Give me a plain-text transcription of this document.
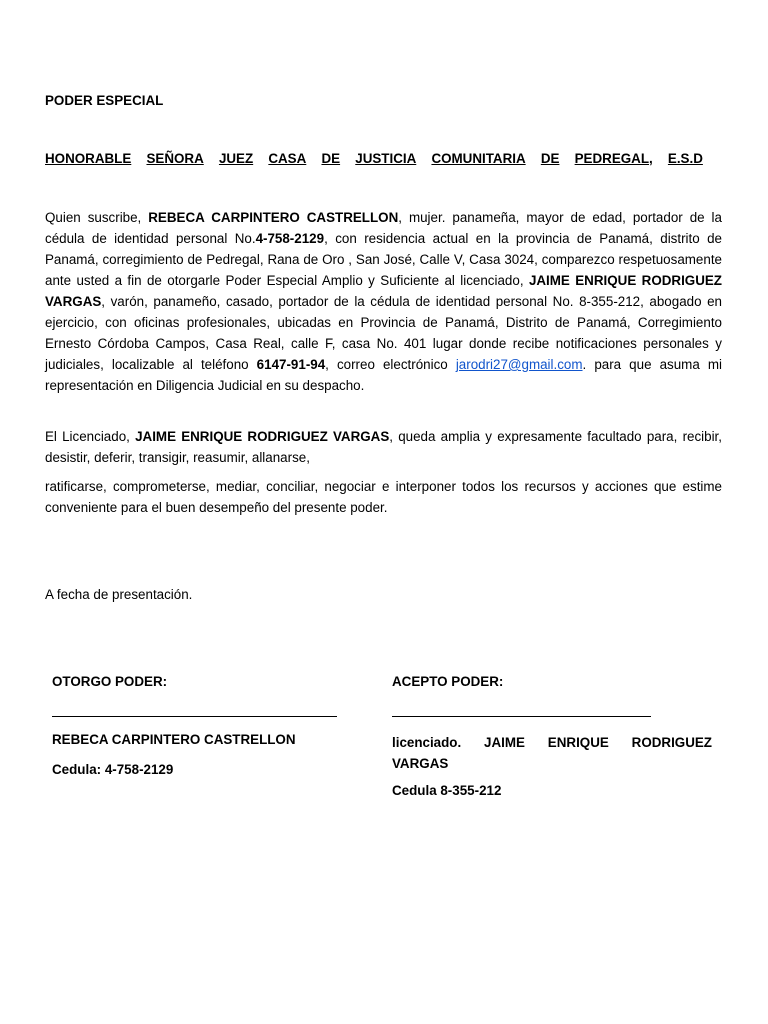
PODER ESPECIAL
HONORABLE SEÑORA JUEZ CASA DE JUSTICIA COMUNITARIA DE PEDREGAL, E.S.D
Quien suscribe, REBECA CARPINTERO CASTRELLON, mujer. panameña, mayor de edad, portador de la cédula de identidad personal No.4-758-2129, con residencia actual en la provincia de Panamá, distrito de Panamá, corregimiento de Pedregal, Rana de Oro , San José, Calle V, Casa 3024, comparezco respetuosamente ante usted a fin de otorgarle Poder Especial Amplio y Suficiente al licenciado, JAIME ENRIQUE RODRIGUEZ VARGAS, varón, panameño, casado, portador de la cédula de identidad personal No. 8-355-212, abogado en ejercicio, con oficinas profesionales, ubicadas en Provincia de Panamá, Distrito de Panamá, Corregimiento Ernesto Córdoba Campos, Casa Real, calle F, casa No. 401 lugar donde recibe notificaciones personales y judiciales, localizable al teléfono 6147-91-94, correo electrónico jarodri27@gmail.com. para que asuma mi representación en Diligencia Judicial en su despacho.
El Licenciado, JAIME ENRIQUE RODRIGUEZ VARGAS, queda amplia y expresamente facultado para, recibir, desistir, deferir, transigir, reasumir, allanarse,
ratificarse, comprometerse, mediar, conciliar, negociar e interponer todos los recursos y acciones que estime conveniente para el buen desempeño del presente poder.
A fecha de presentación.
OTORGO PODER:	ACEPTO PODER:
REBECA CARPINTERO CASTRELLON
Cedula: 4-758-2129
licenciado. JAIME ENRIQUE RODRIGUEZ VARGAS
Cedula 8-355-212
